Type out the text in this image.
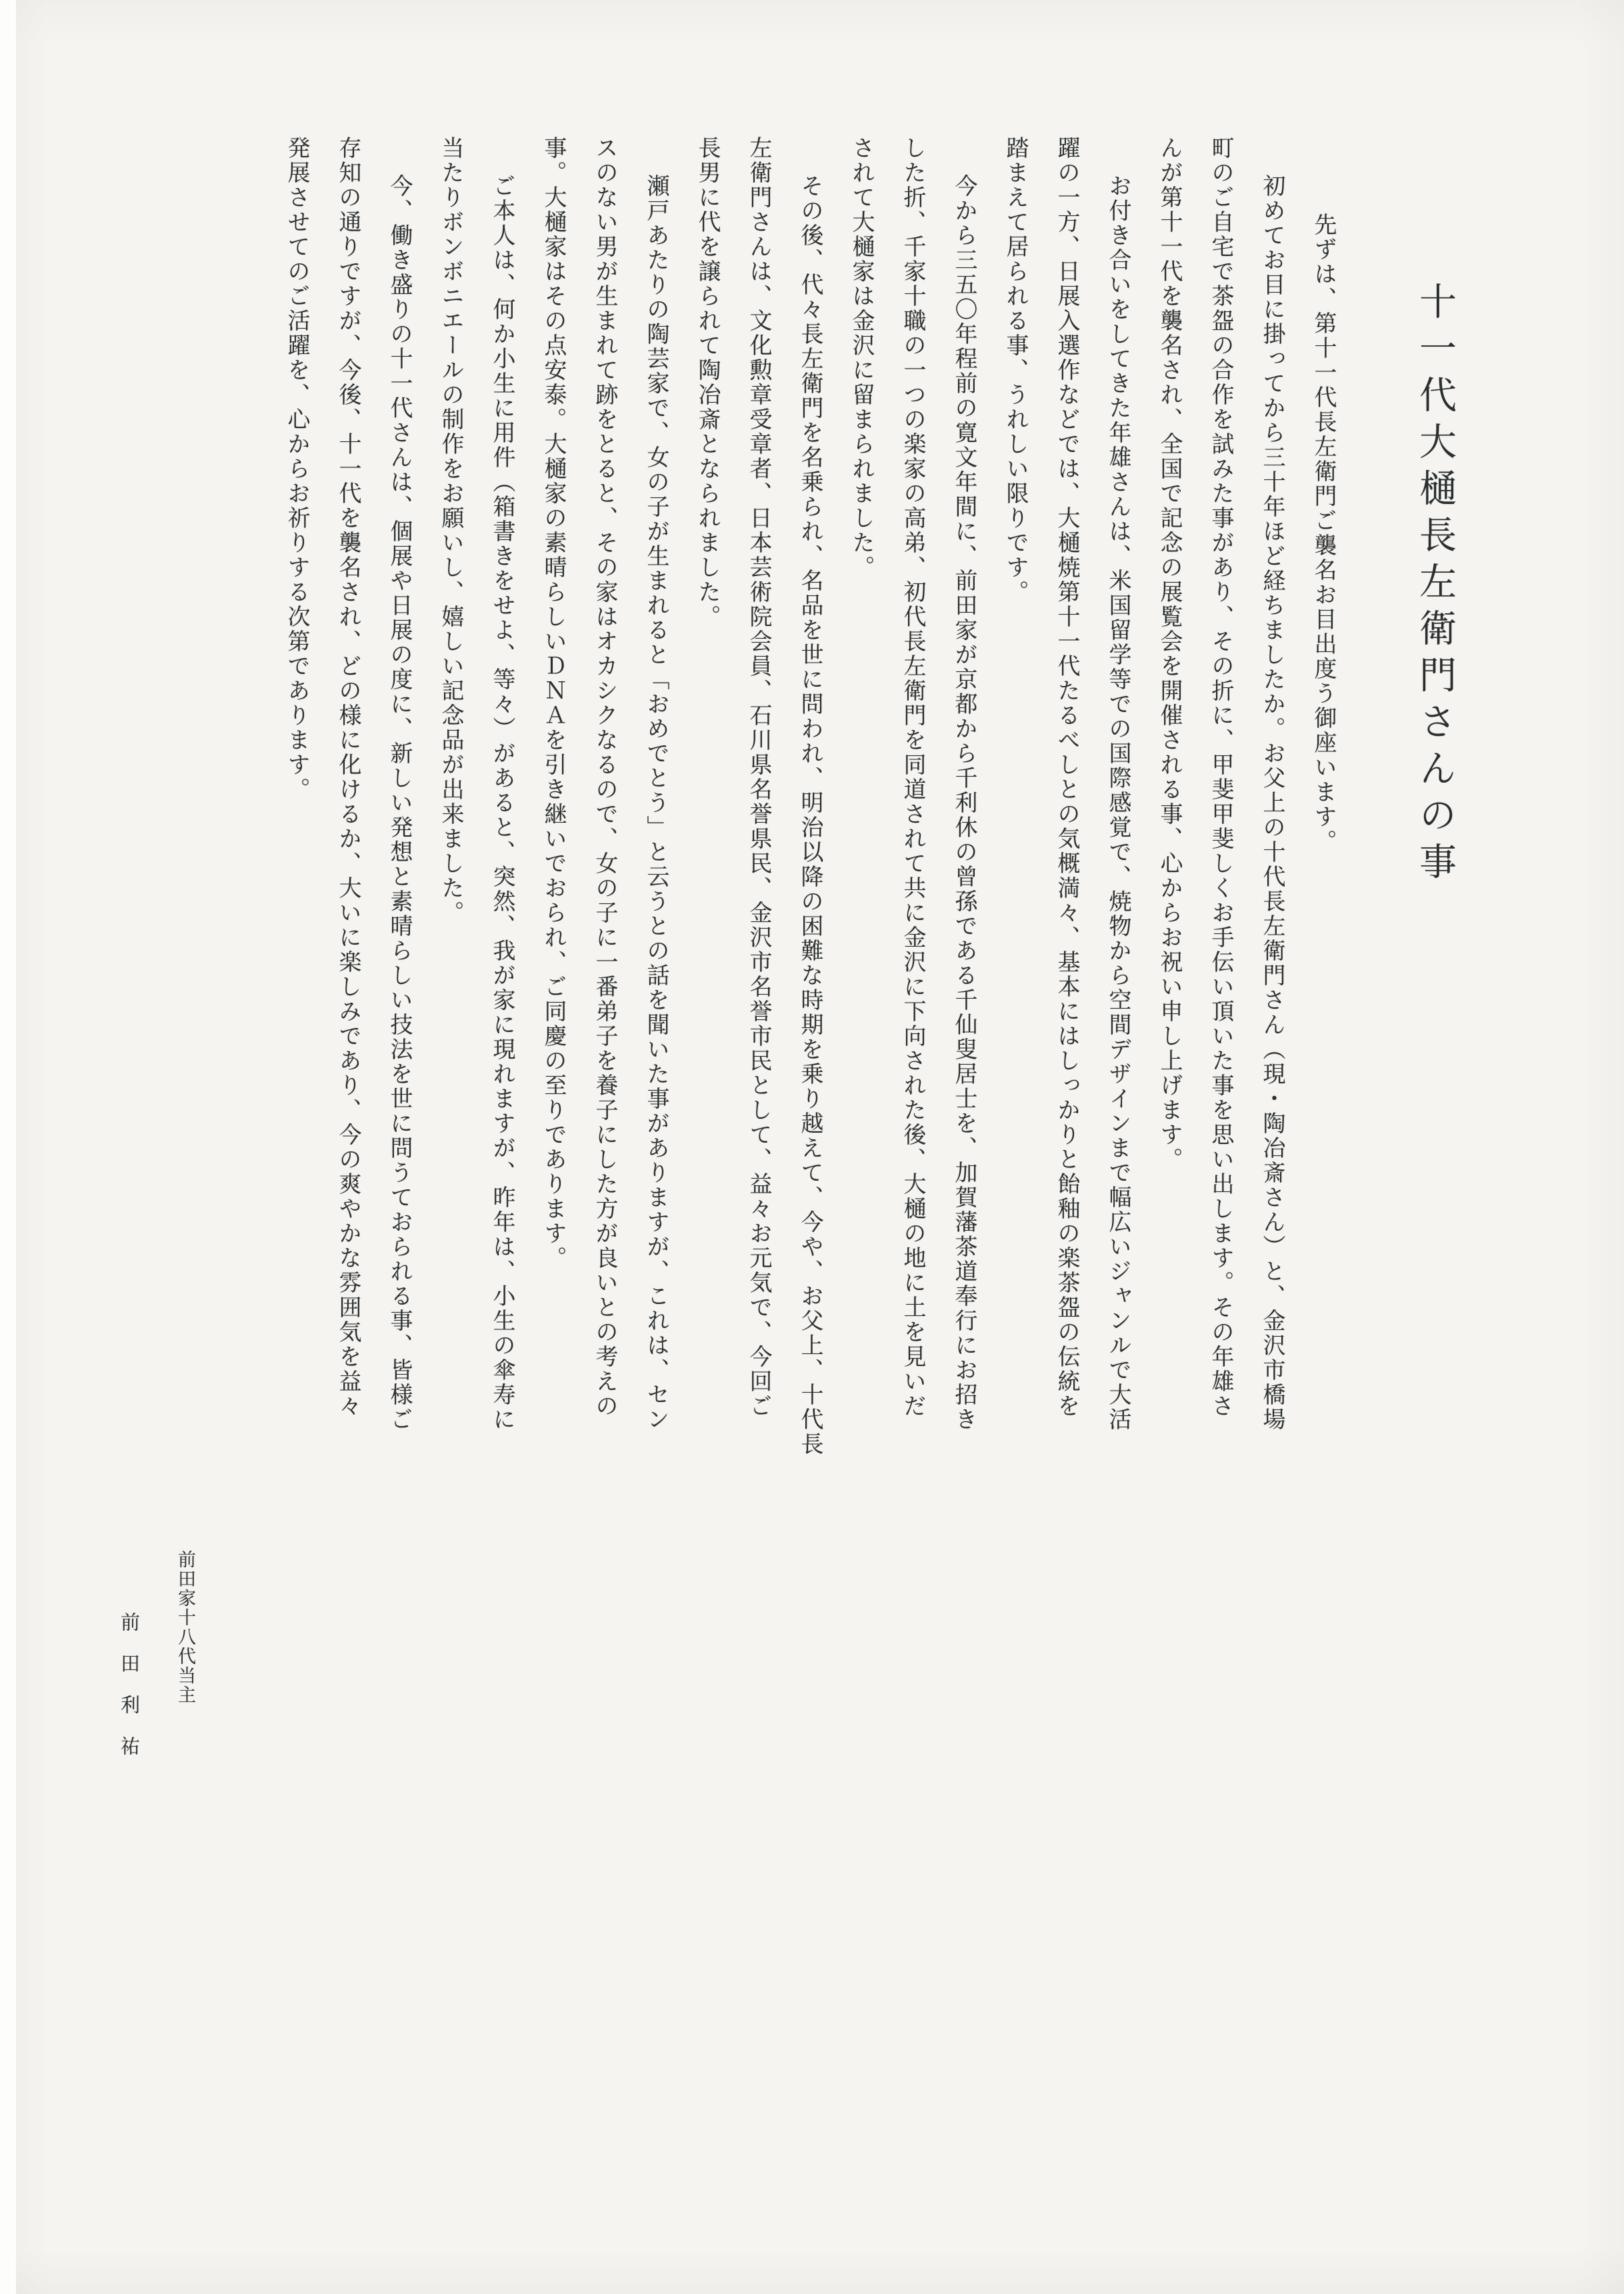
十一代大樋長左衛門さんの事
先ずは、第十一代長左衛門ご襲名お目出度う御座います。
初めてお目に掛ってから三十年ほど経ちましたか。お父上の十代長左衛門さん（現・陶冶斎さん）と、金沢市橋場
町のご自宅で茶盌の合作を試みた事があり、その折に、甲斐甲斐しくお手伝い頂いた事を思い出します。その年雄さ
んが第十一代を襲名され、全国で記念の展覧会を開催される事、心からお祝い申し上げます。
お付き合いをしてきた年雄さんは、米国留学等での国際感覚で、焼物から空間デザインまで幅広いジャンルで大活
躍の一方、日展入選作などでは、大樋焼第十一代たるべしとの気概満々、基本にはしっかりと飴釉の楽茶盌の伝統を
踏まえて居られる事、うれしい限りです。
今から三五〇年程前の寛文年間に、前田家が京都から千利休の曾孫である千仙叟居士を、加賀藩茶道奉行にお招き
した折、千家十職の一つの楽家の高弟、初代長左衛門を同道されて共に金沢に下向された後、大樋の地に土を見いだ
されて大樋家は金沢に留まられました。
その後、代々長左衛門を名乗られ、名品を世に問われ、明治以降の困難な時期を乗り越えて、今や、お父上、十代長
左衛門さんは、文化勲章受章者、日本芸術院会員、石川県名誉県民、金沢市名誉市民として、益々お元気で、今回ご
長男に代を譲られて陶冶斎となられました。
瀬戸あたりの陶芸家で、女の子が生まれると「おめでとう」と云うとの話を聞いた事がありますが、これは、セン
スのない男が生まれて跡をとると、その家はオカシクなるので、女の子に一番弟子を養子にした方が良いとの考えの
事。大樋家はその点安泰。大樋家の素晴らしいＤＮＡを引き継いでおられ、ご同慶の至りであります。
ご本人は、何か小生に用件（箱書きをせよ、等々）があると、突然、我が家に現れますが、昨年は、小生の傘寿に
当たりボンボニエールの制作をお願いし、嬉しい記念品が出来ました。
今、働き盛りの十一代さんは、個展や日展の度に、新しい発想と素晴らしい技法を世に問うておられる事、皆様ご
存知の通りですが、今後、十一代を襲名され、どの様に化けるか、大いに楽しみであり、今の爽やかな雰囲気を益々
発展させてのご活躍を、心からお祈りする次第であります。
前田家十八代当主
前　田　利　祐
